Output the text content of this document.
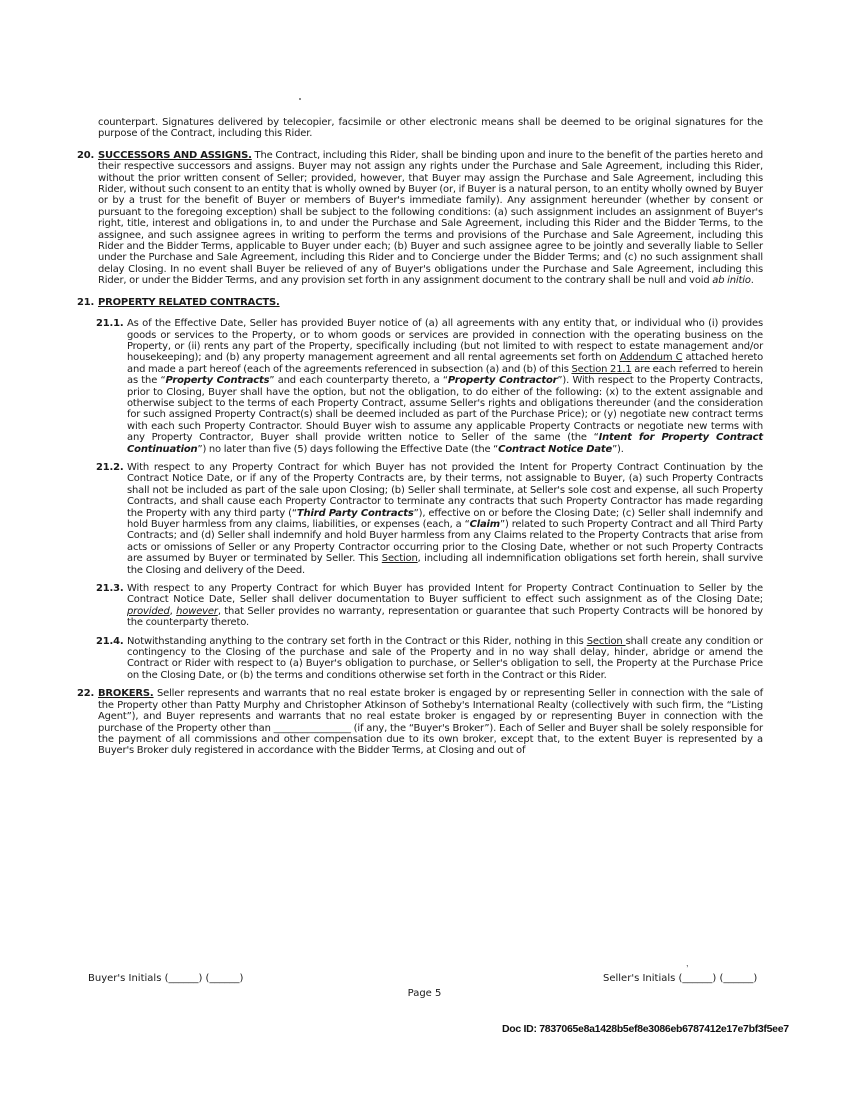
counterpart. Signatures delivered by telecopier, facsimile or other electronic means shall be deemed to be original signatures for the purpose of the Contract, including this Rider.

20. SUCCESSORS AND ASSIGNS. The Contract, including this Rider, shall be binding upon and inure to the benefit of the parties hereto and their respective successors and assigns. Buyer may not assign any rights under the Purchase and Sale Agreement, including this Rider, without the prior written consent of Seller; provided, however, that Buyer may assign the Purchase and Sale Agreement, including this Rider, without such consent to an entity that is wholly owned by Buyer (or, if Buyer is a natural person, to an entity wholly owned by Buyer or by a trust for the benefit of Buyer or members of Buyer's immediate family). Any assignment hereunder (whether by consent or pursuant to the foregoing exception) shall be subject to the following conditions: (a) such assignment includes an assignment of Buyer's right, title, interest and obligations in, to and under the Purchase and Sale Agreement, including this Rider and the Bidder Terms, to the assignee, and such assignee agrees in writing to perform the terms and provisions of the Purchase and Sale Agreement, including this Rider and the Bidder Terms, applicable to Buyer under each; (b) Buyer and such assignee agree to be jointly and severally liable to Seller under the Purchase and Sale Agreement, including this Rider and to Concierge under the Bidder Terms; and (c) no such assignment shall delay Closing. In no event shall Buyer be relieved of any of Buyer's obligations under the Purchase and Sale Agreement, including this Rider, or under the Bidder Terms, and any provision set forth in any assignment document to the contrary shall be null and void ab initio.
21. PROPERTY RELATED CONTRACTS.
21.1. As of the Effective Date, Seller has provided Buyer notice of (a) all agreements with any entity that, or individual who (i) provides goods or services to the Property, or to whom goods or services are provided in connection with the operating business on the Property, or (ii) rents any part of the Property, specifically including (but not limited to with respect to estate management and/or housekeeping); and (b) any property management agreement and all rental agreements set forth on Addendum C attached hereto and made a part hereof (each of the agreements referenced in subsection (a) and (b) of this Section 21.1 are each referred to herein as the “Property Contracts” and each counterparty thereto, a “Property Contractor”). With respect to the Property Contracts, prior to Closing, Buyer shall have the option, but not the obligation, to do either of the following: (x) to the extent assignable and otherwise subject to the terms of each Property Contract, assume Seller's rights and obligations thereunder (and the consideration for such assigned Property Contract(s) shall be deemed included as part of the Purchase Price); or (y) negotiate new contract terms with each such Property Contractor. Should Buyer wish to assume any applicable Property Contracts or negotiate new terms with any Property Contractor, Buyer shall provide written notice to Seller of the same (the “Intent for Property Contract Continuation”) no later than five (5) days following the Effective Date (the “Contract Notice Date”).
21.2. With respect to any Property Contract for which Buyer has not provided the Intent for Property Contract Continuation by the Contract Notice Date, or if any of the Property Contracts are, by their terms, not assignable to Buyer, (a) such Property Contracts shall not be included as part of the sale upon Closing; (b) Seller shall terminate, at Seller's sole cost and expense, all such Property Contracts, and shall cause each Property Contractor to terminate any contracts that such Property Contractor has made regarding the Property with any third party (“Third Party Contracts”), effective on or before the Closing Date; (c) Seller shall indemnify and hold Buyer harmless from any claims, liabilities, or expenses (each, a “Claim”) related to such Property Contract and all Third Party Contracts; and (d) Seller shall indemnify and hold Buyer harmless from any Claims related to the Property Contracts that arise from acts or omissions of Seller or any Property Contractor occurring prior to the Closing Date, whether or not such Property Contracts are assumed by Buyer or terminated by Seller. This Section, including all indemnification obligations set forth herein, shall survive the Closing and delivery of the Deed.
21.3. With respect to any Property Contract for which Buyer has provided Intent for Property Contract Continuation to Seller by the Contract Notice Date, Seller shall deliver documentation to Buyer sufficient to effect such assignment as of the Closing Date; provided, however, that Seller provides no warranty, representation or guarantee that such Property Contracts will be honored by the counterparty thereto.
21.4. Notwithstanding anything to the contrary set forth in the Contract or this Rider, nothing in this Section shall create any condition or contingency to the Closing of the purchase and sale of the Property and in no way shall delay, hinder, abridge or amend the Contract or Rider with respect to (a) Buyer's obligation to purchase, or Seller's obligation to sell, the Property at the Purchase Price on the Closing Date, or (b) the terms and conditions otherwise set forth in the Contract or this Rider.
22. BROKERS. Seller represents and warrants that no real estate broker is engaged by or representing Seller in connection with the sale of the Property other than Patty Murphy and Christopher Atkinson of Sotheby's International Realty (collectively with such firm, the “Listing Agent”), and Buyer represents and warrants that no real estate broker is engaged by or representing Buyer in connection with the purchase of the Property other than ________________ (if any, the “Buyer's Broker”). Each of Seller and Buyer shall be solely responsible for the payment of all commissions and other compensation due to its own broker, except that, to the extent Buyer is represented by a Buyer's Broker duly registered in accordance with the Bidder Terms, at Closing and out of
,
Buyer's Initials (______) (______)	Seller's Initials (______) (______)
Page 5
Doc ID: 7837065e8a1428b5ef8e3086eb6787412e17e7bf3f5ee7
